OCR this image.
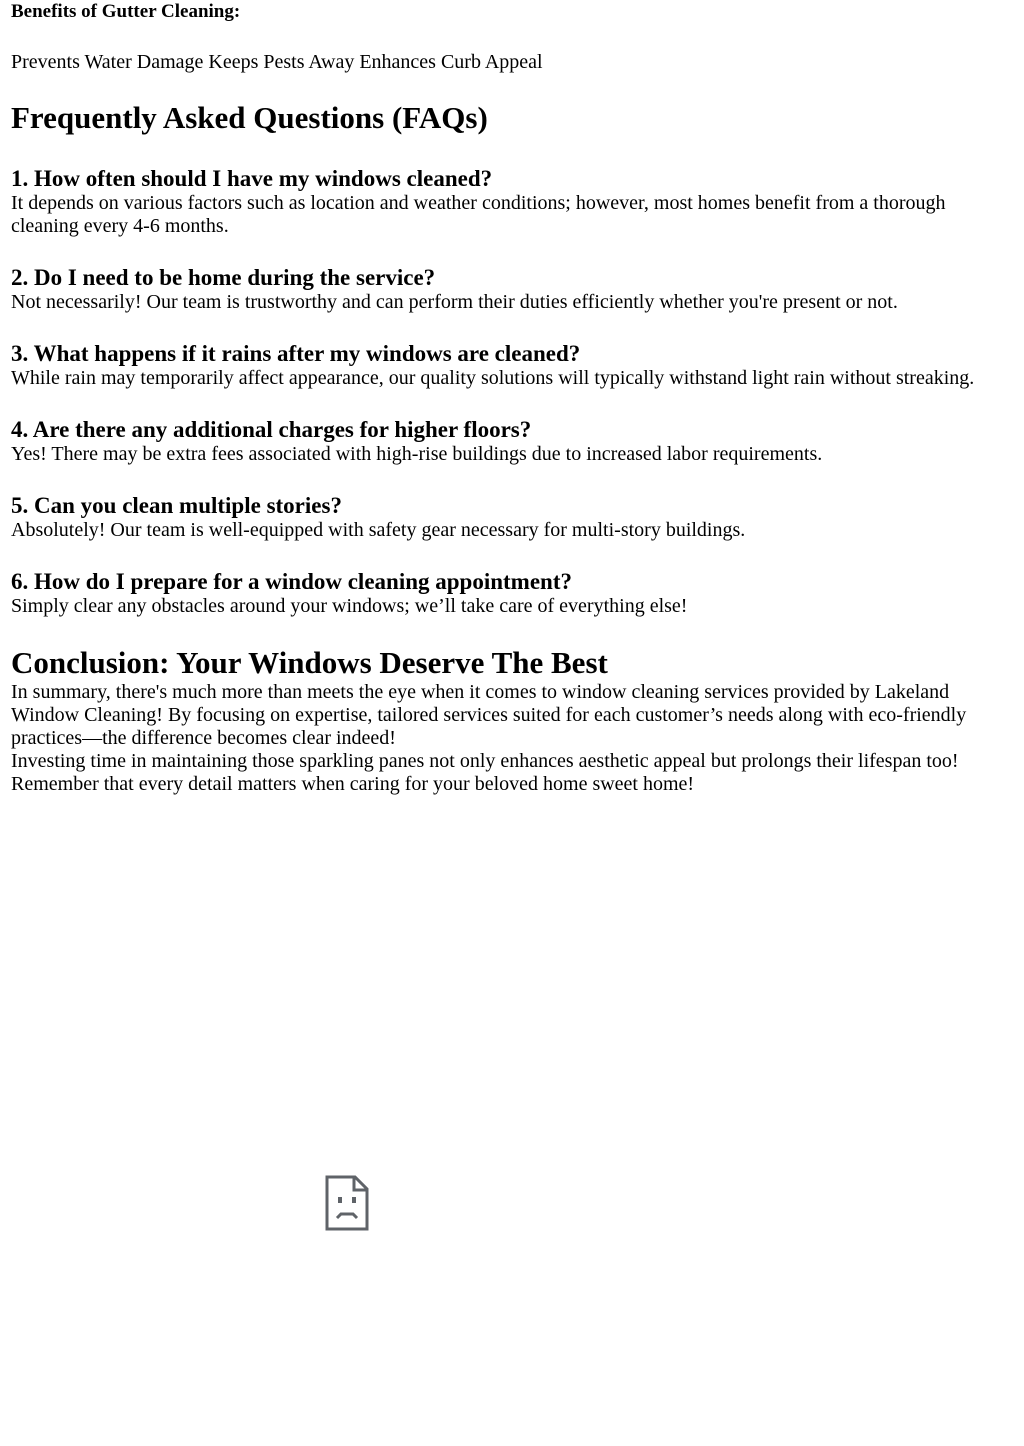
Benefits of Gutter Cleaning:

Prevents Water Damage Keeps Pests Away Enhances Curb Appeal

Frequently Asked Questions (FAQs)
1. How often should I have my windows cleaned?

It depends on various factors such as location and weather conditions; however, most homes benefit from a thorough cleaning every 4-6 months.

2. Do I need to be home during the service?

Not necessarily! Our team is trustworthy and can perform their duties efficiently whether you're present or not.

3. What happens if it rains after my windows are cleaned?

While rain may temporarily affect appearance, our quality solutions will typically withstand light rain without streaking.

4. Are there any additional charges for higher floors?

Yes! There may be extra fees associated with high-rise buildings due to increased labor requirements.

5. Can you clean multiple stories?

Absolutely! Our team is well-equipped with safety gear necessary for multi-story buildings.

6. How do I prepare for a window cleaning appointment?

Simply clear any obstacles around your windows; we’ll take care of everything else!

Conclusion: Your Windows Deserve The Best

In summary, there's much more than meets the eye when it comes to window cleaning services provided by Lakeland Window Cleaning! By focusing on expertise, tailored services suited for each customer’s needs along with eco-friendly practices—the difference becomes clear indeed!

Investing time in maintaining those sparkling panes not only enhances aesthetic appeal but prolongs their lifespan too! Remember that every detail matters when caring for your beloved home sweet home!
